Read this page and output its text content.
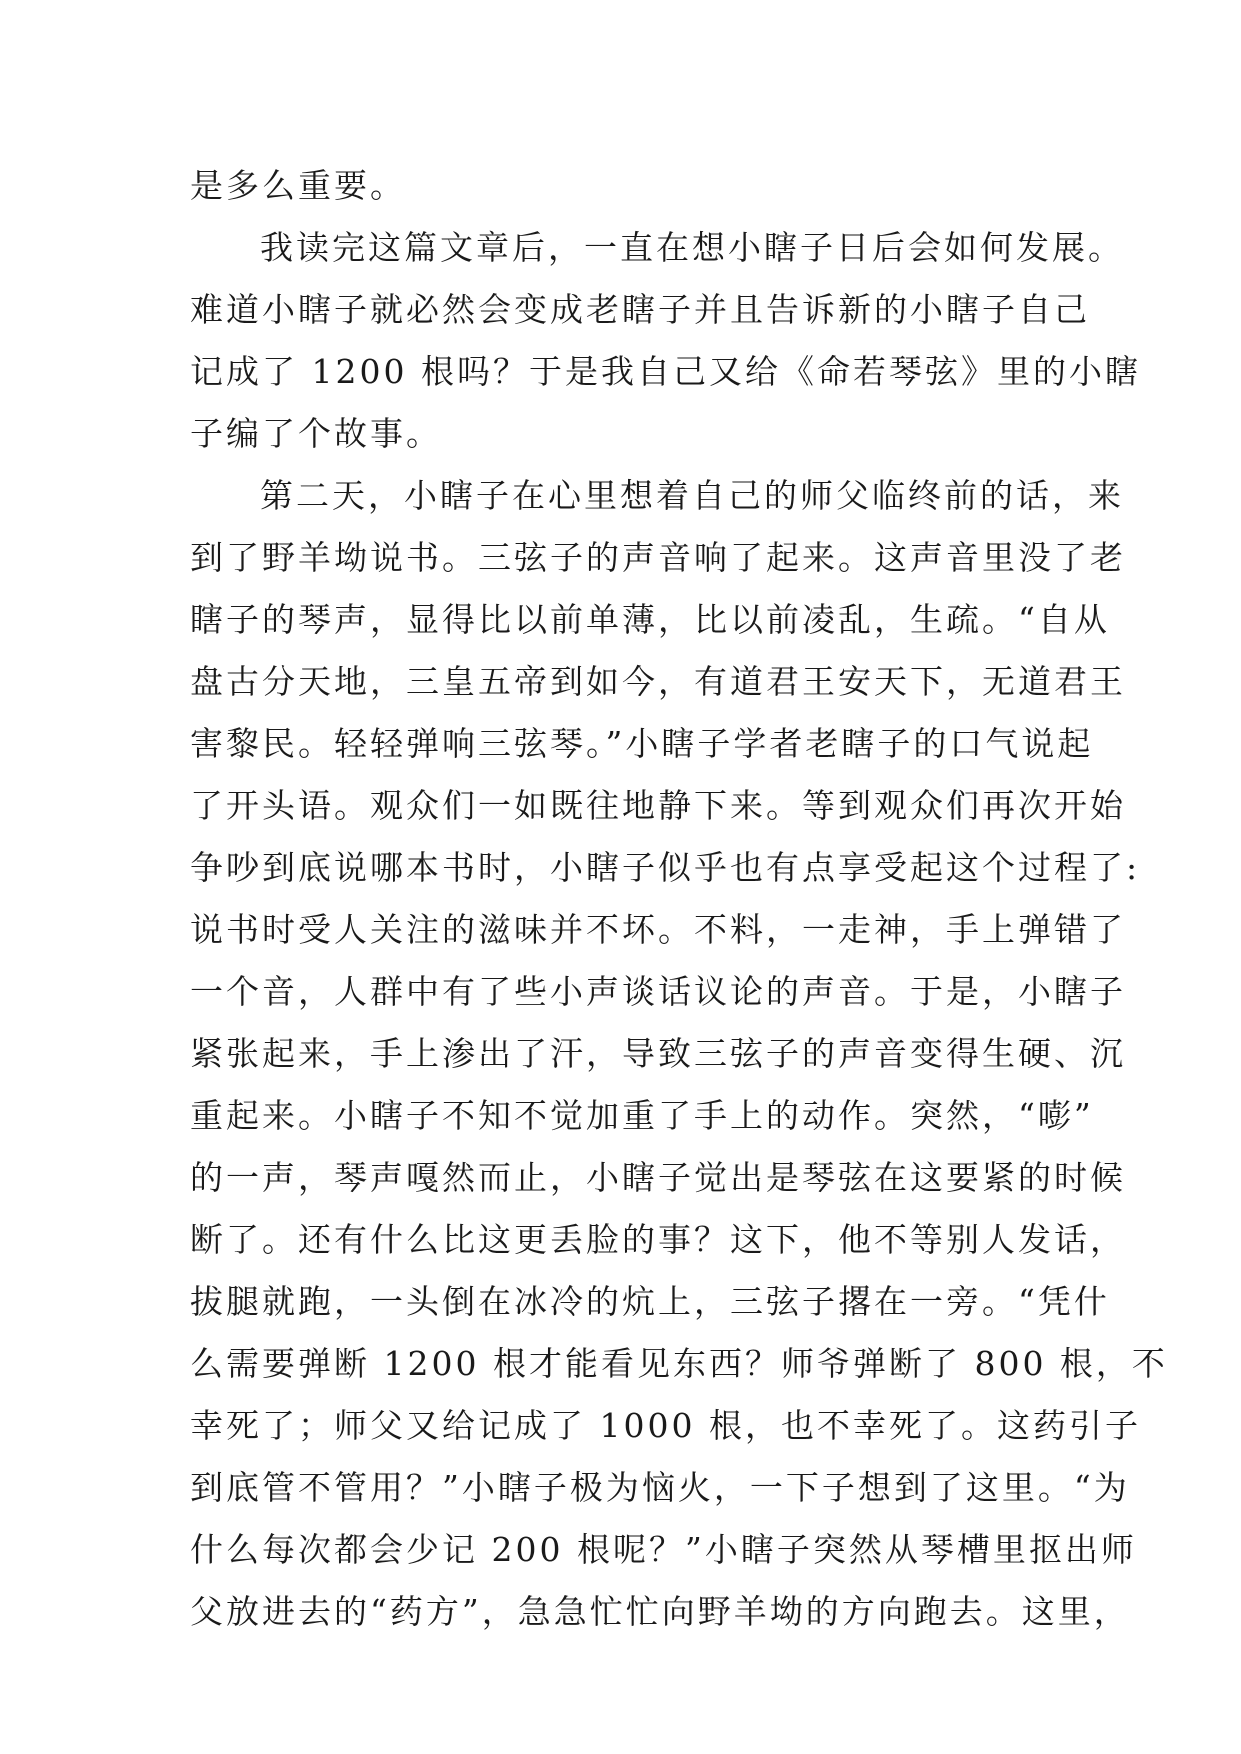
是多么重要。
我读完这篇文章后，一直在想小瞎子日后会如何发展。
难道小瞎子就必然会变成老瞎子并且告诉新的小瞎子自己
记成了 1200 根吗？于是我自己又给《命若琴弦》里的小瞎
子编了个故事。
第二天，小瞎子在心里想着自己的师父临终前的话，来
到了野羊坳说书。三弦子的声音响了起来。这声音里没了老
瞎子的琴声，显得比以前单薄，比以前凌乱，生疏。“自从
盘古分天地，三皇五帝到如今，有道君王安天下，无道君王
害黎民。轻轻弹响三弦琴。”小瞎子学者老瞎子的口气说起
了开头语。观众们一如既往地静下来。等到观众们再次开始
争吵到底说哪本书时，小瞎子似乎也有点享受起这个过程了:
说书时受人关注的滋味并不坏。不料，一走神，手上弹错了
一个音，人群中有了些小声谈话议论的声音。于是，小瞎子
紧张起来，手上渗出了汗，导致三弦子的声音变得生硬、沉
重起来。小瞎子不知不觉加重了手上的动作。突然，“嘭”
的一声，琴声嘎然而止，小瞎子觉出是琴弦在这要紧的时候
断了。还有什么比这更丢脸的事？这下，他不等别人发话，
拔腿就跑，一头倒在冰冷的炕上，三弦子撂在一旁。“凭什
么需要弹断 1200 根才能看见东西？师爷弹断了 800 根，不
幸死了；师父又给记成了 1000 根，也不幸死了。这药引子
到底管不管用？”小瞎子极为恼火，一下子想到了这里。“为
什么每次都会少记 200 根呢？”小瞎子突然从琴槽里抠出师
父放进去的“药方”，急急忙忙向野羊坳的方向跑去。这里，
